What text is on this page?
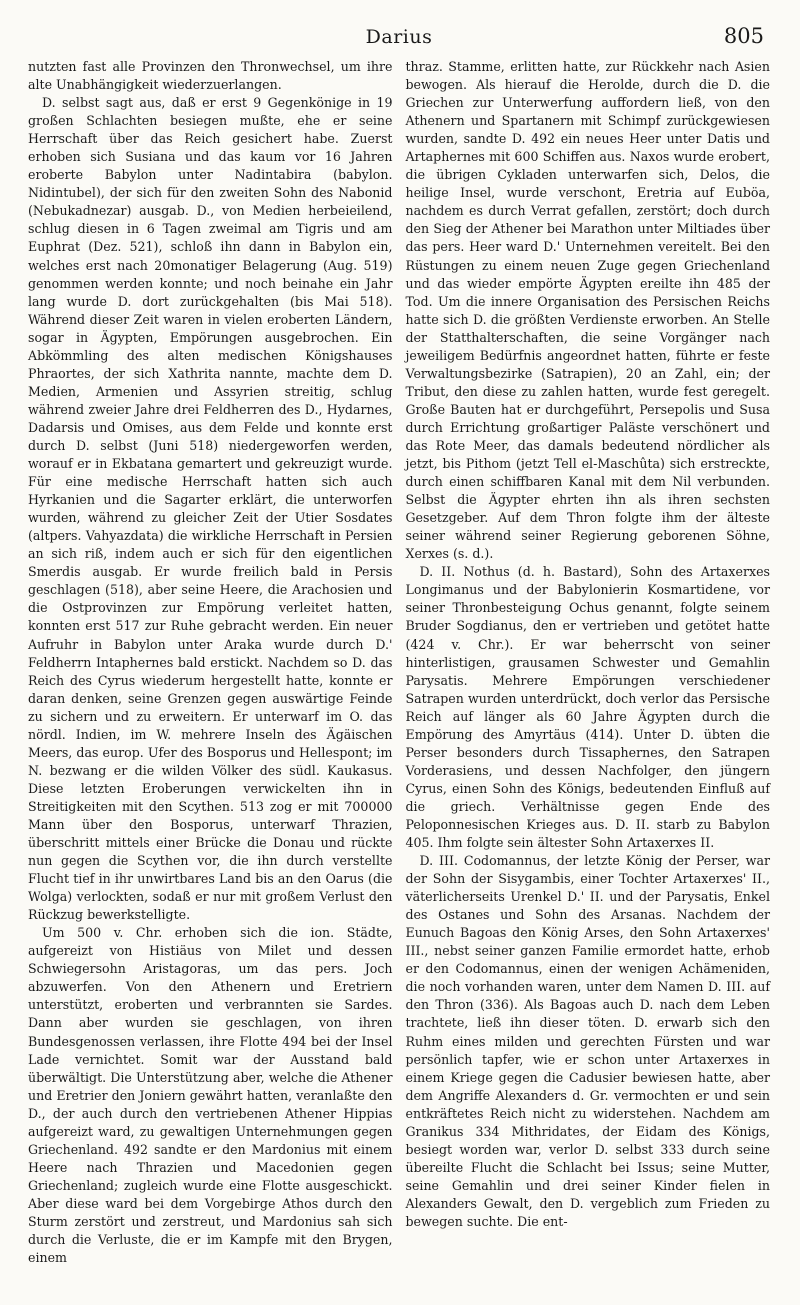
Darius	805

nutzten fast alle Provinzen den Thronwechsel, um ihre alte Unabhängigkeit wiederzuerlangen.

D. selbst sagt aus, daß er erst 9 Gegenkönige in 19 großen Schlachten besiegen mußte, ehe er seine Herrschaft über das Reich gesichert habe. Zuerst erhoben sich Susiana und das kaum vor 16 Jahren eroberte Babylon unter Nadintabira (babylon. Nidintubel), der sich für den zweiten Sohn des Nabonid (Nebukadnezar) ausgab. D., von Medien herbeieilend, schlug diesen in 6 Tagen zweimal am Tigris und am Euphrat (Dez. 521), schloß ihn dann in Babylon ein, welches erst nach 20monatiger Belagerung (Aug. 519) genommen werden konnte; und noch beinahe ein Jahr lang wurde D. dort zurückgehalten (bis Mai 518). Während dieser Zeit waren in vielen eroberten Ländern, sogar in Ägypten, Empörungen ausgebrochen. Ein Abkömmling des alten medischen Königshauses Phraortes, der sich Xathrita nannte, machte dem D. Medien, Armenien und Assyrien streitig, schlug während zweier Jahre drei Feldherren des D., Hydarnes, Dadarsis und Omises, aus dem Felde und konnte erst durch D. selbst (Juni 518) niedergeworfen werden, worauf er in Ekbatana gemartert und gekreuzigt wurde. Für eine medische Herrschaft hatten sich auch Hyrkanien und die Sagarter erklärt, die unterworfen wurden, während zu gleicher Zeit der Utier Sosdates (altpers. Vahyazdata) die wirkliche Herrschaft in Persien an sich riß, indem auch er sich für den eigentlichen Smerdis ausgab. Er wurde freilich bald in Persis geschlagen (518), aber seine Heere, die Arachosien und die Ostprovinzen zur Empörung verleitet hatten, konnten erst 517 zur Ruhe gebracht werden. Ein neuer Aufruhr in Babylon unter Araka wurde durch D.' Feldherrn Intaphernes bald erstickt. Nachdem so D. das Reich des Cyrus wiederum hergestellt hatte, konnte er daran denken, seine Grenzen gegen auswärtige Feinde zu sichern und zu erweitern. Er unterwarf im O. das nördl. Indien, im W. mehrere Inseln des Ägäischen Meers, das europ. Ufer des Bosporus und Hellespont; im N. bezwang er die wilden Völker des südl. Kaukasus. Diese letzten Eroberungen verwickelten ihn in Streitigkeiten mit den Scythen. 513 zog er mit 700000 Mann über den Bosporus, unterwarf Thrazien, überschritt mittels einer Brücke die Donau und rückte nun gegen die Scythen vor, die ihn durch verstellte Flucht tief in ihr unwirtbares Land bis an den Oarus (die Wolga) verlockten, sodaß er nur mit großem Verlust den Rückzug bewerkstelligte.

Um 500 v. Chr. erhoben sich die ion. Städte, aufgereizt von Histiäus von Milet und dessen Schwiegersohn Aristagoras, um das pers. Joch abzuwerfen. Von den Athenern und Eretriern unterstützt, eroberten und verbrannten sie Sardes. Dann aber wurden sie geschlagen, von ihren Bundesgenossen verlassen, ihre Flotte 494 bei der Insel Lade vernichtet. Somit war der Ausstand bald überwältigt. Die Unterstützung aber, welche die Athener und Eretrier den Joniern gewährt hatten, veranlaßte den D., der auch durch den vertriebenen Athener Hippias aufgereizt ward, zu gewaltigen Unternehmungen gegen Griechenland. 492 sandte er den Mardonius mit einem Heere nach Thrazien und Macedonien gegen Griechenland; zugleich wurde eine Flotte ausgeschickt. Aber diese ward bei dem Vorgebirge Athos durch den Sturm zerstört und zerstreut, und Mardonius sah sich durch die Verluste, die er im Kampfe mit den Brygen, einem

thraz. Stamme, erlitten hatte, zur Rückkehr nach Asien bewogen. Als hierauf die Herolde, durch die D. die Griechen zur Unterwerfung auffordern ließ, von den Athenern und Spartanern mit Schimpf zurückgewiesen wurden, sandte D. 492 ein neues Heer unter Datis und Artaphernes mit 600 Schiffen aus. Naxos wurde erobert, die übrigen Cykladen unterwarfen sich, Delos, die heilige Insel, wurde verschont, Eretria auf Euböa, nachdem es durch Verrat gefallen, zerstört; doch durch den Sieg der Athener bei Marathon unter Miltiades über das pers. Heer ward D.' Unternehmen vereitelt. Bei den Rüstungen zu einem neuen Zuge gegen Griechenland und das wieder empörte Ägypten ereilte ihn 485 der Tod. Um die innere Organisation des Persischen Reichs hatte sich D. die größten Verdienste erworben. An Stelle der Statthalterschaften, die seine Vorgänger nach jeweiligem Bedürfnis angeordnet hatten, führte er feste Verwaltungsbezirke (Satrapien), 20 an Zahl, ein; der Tribut, den diese zu zahlen hatten, wurde fest geregelt. Große Bauten hat er durchgeführt, Persepolis und Susa durch Errichtung großartiger Paläste verschönert und das Rote Meer, das damals bedeutend nördlicher als jetzt, bis Pithom (jetzt Tell el-Maschûta) sich erstreckte, durch einen schiffbaren Kanal mit dem Nil verbunden. Selbst die Ägypter ehrten ihn als ihren sechsten Gesetzgeber. Auf dem Thron folgte ihm der älteste seiner während seiner Regierung geborenen Söhne, Xerxes (s. d.).

D. II. Nothus (d. h. Bastard), Sohn des Artaxerxes Longimanus und der Babylonierin Kosmartidene, vor seiner Thronbesteigung Ochus genannt, folgte seinem Bruder Sogdianus, den er vertrieben und getötet hatte (424 v. Chr.). Er war beherrscht von seiner hinterlistigen, grausamen Schwester und Gemahlin Parysatis. Mehrere Empörungen verschiedener Satrapen wurden unterdrückt, doch verlor das Persische Reich auf länger als 60 Jahre Ägypten durch die Empörung des Amyrtäus (414). Unter D. übten die Perser besonders durch Tissaphernes, den Satrapen Vorderasiens, und dessen Nachfolger, den jüngern Cyrus, einen Sohn des Königs, bedeutenden Einfluß auf die griech. Verhältnisse gegen Ende des Peloponnesischen Krieges aus. D. II. starb zu Babylon 405. Ihm folgte sein ältester Sohn Artaxerxes II.

D. III. Codomannus, der letzte König der Perser, war der Sohn der Sisygambis, einer Tochter Artaxerxes' II., väterlicherseits Urenkel D.' II. und der Parysatis, Enkel des Ostanes und Sohn des Arsanas. Nachdem der Eunuch Bagoas den König Arses, den Sohn Artaxerxes' III., nebst seiner ganzen Familie ermordet hatte, erhob er den Codomannus, einen der wenigen Achämeniden, die noch vorhanden waren, unter dem Namen D. III. auf den Thron (336). Als Bagoas auch D. nach dem Leben trachtete, ließ ihn dieser töten. D. erwarb sich den Ruhm eines milden und gerechten Fürsten und war persönlich tapfer, wie er schon unter Artaxerxes in einem Kriege gegen die Cadusier bewiesen hatte, aber dem Angriffe Alexanders d. Gr. vermochten er und sein entkräftetes Reich nicht zu widerstehen. Nachdem am Granikus 334 Mithridates, der Eidam des Königs, besiegt worden war, verlor D. selbst 333 durch seine übereilte Flucht die Schlacht bei Issus; seine Mutter, seine Gemahlin und drei seiner Kinder fielen in Alexanders Gewalt, den D. vergeblich zum Frieden zu bewegen suchte. Die ent-
